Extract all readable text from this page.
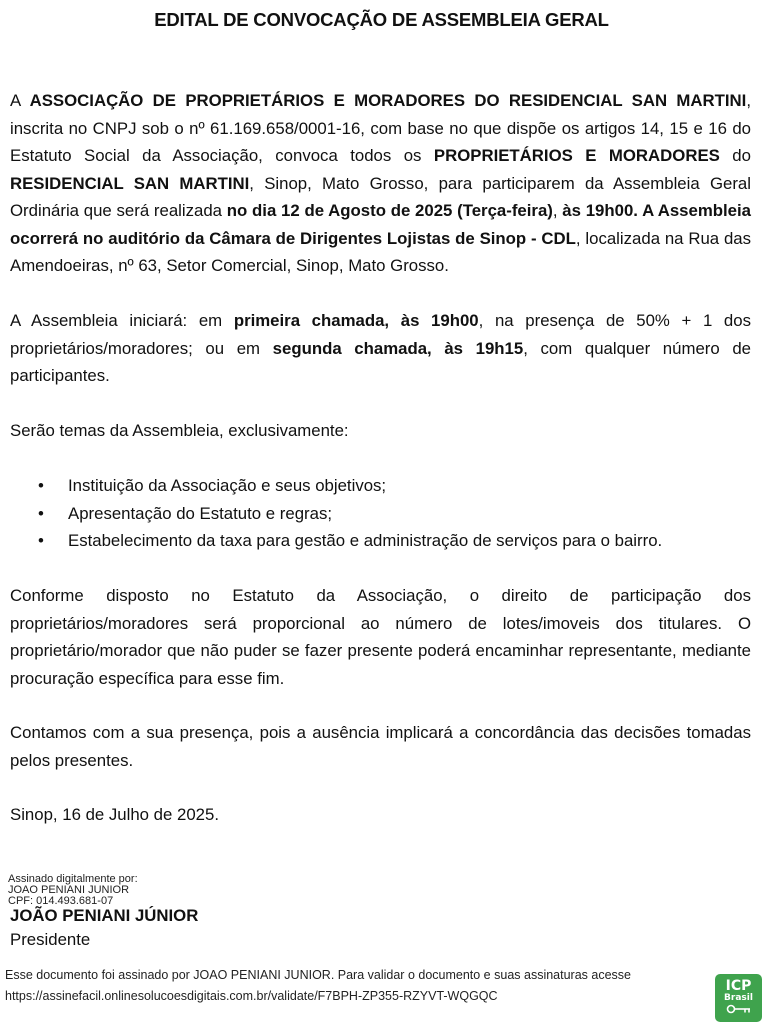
EDITAL DE CONVOCAÇÃO DE ASSEMBLEIA GERAL
A ASSOCIAÇÃO DE PROPRIETÁRIOS E MORADORES DO RESIDENCIAL SAN MARTINI, inscrita no CNPJ sob o nº 61.169.658/0001-16, com base no que dispõe os artigos 14, 15 e 16 do Estatuto Social da Associação, convoca todos os PROPRIETÁRIOS E MORADORES do RESIDENCIAL SAN MARTINI, Sinop, Mato Grosso, para participarem da Assembleia Geral Ordinária que será realizada no dia 12 de Agosto de 2025 (Terça-feira), às 19h00. A Assembleia ocorrerá no auditório da Câmara de Dirigentes Lojistas de Sinop - CDL, localizada na Rua das Amendoeiras, nº 63, Setor Comercial, Sinop, Mato Grosso.
A Assembleia iniciará: em primeira chamada, às 19h00, na presença de 50% + 1 dos proprietários/moradores; ou em segunda chamada, às 19h15, com qualquer número de participantes.
Serão temas da Assembleia, exclusivamente:
• Instituição da Associação e seus objetivos;
• Apresentação do Estatuto e regras;
• Estabelecimento da taxa para gestão e administração de serviços para o bairro.
Conforme disposto no Estatuto da Associação, o direito de participação dos proprietários/moradores será proporcional ao número de lotes/imoveis dos titulares. O proprietário/morador que não puder se fazer presente poderá encaminhar representante, mediante procuração específica para esse fim.
Contamos com a sua presença, pois a ausência implicará a concordância das decisões tomadas pelos presentes.
Sinop, 16 de Julho de 2025.
Assinado digitalmente por:
JOAO PENIANI JUNIOR
CPF: 014.493.681-07
JOÃO PENIANI JÚNIOR
Presidente
Esse documento foi assinado por JOAO PENIANI JUNIOR. Para validar o documento e suas assinaturas acesse
https://assinefacil.onlinesolucoesdigitais.com.br/validate/F7BPH-ZP355-RZYVT-WQGQC
ICP
Brasil
